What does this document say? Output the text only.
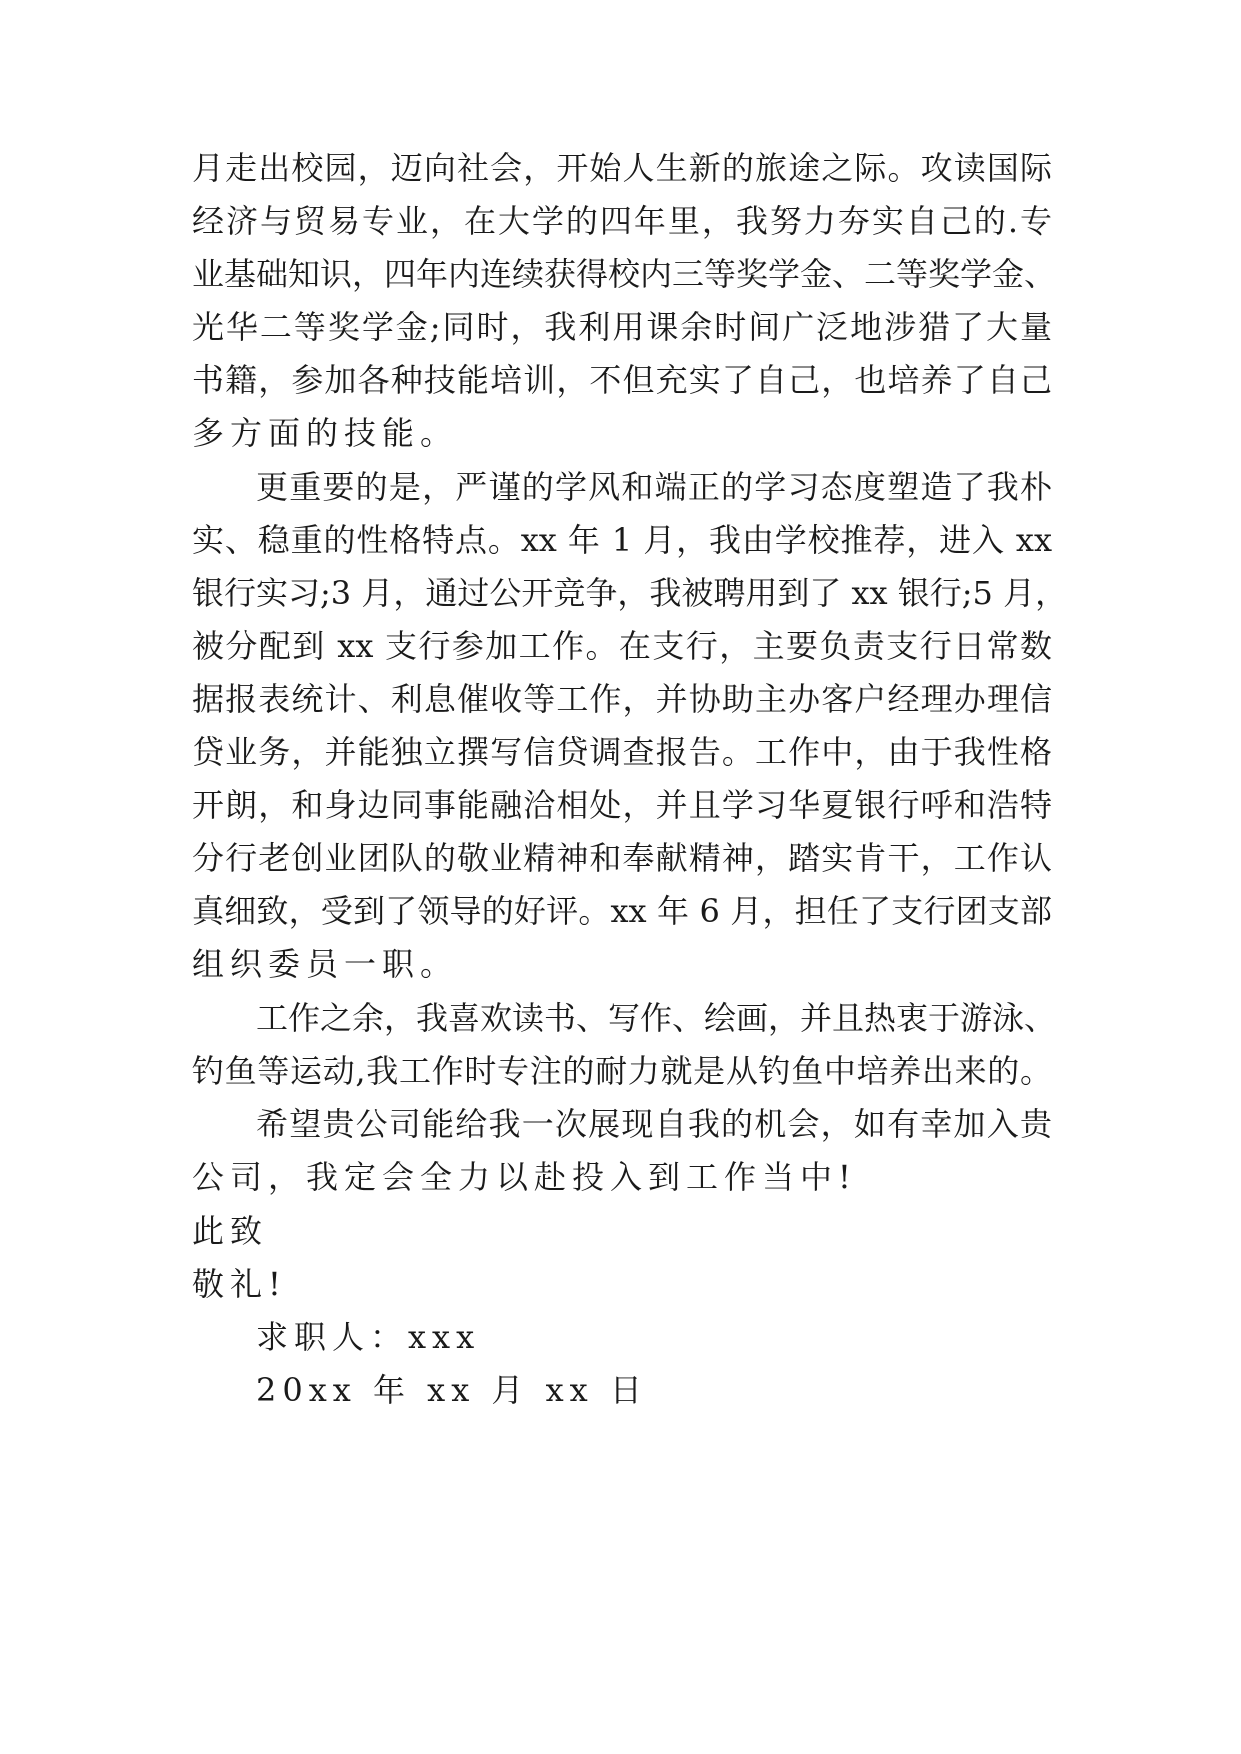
月走出校园，迈向社会，开始人生新的旅途之际。攻读国际
经济与贸易专业，在大学的四年里，我努力夯实自己的.专
业基础知识，四年内连续获得校内三等奖学金、二等奖学金、
光华二等奖学金;同时，我利用课余时间广泛地涉猎了大量
书籍，参加各种技能培训，不但充实了自己，也培养了自己
多方面的技能。
更重要的是，严谨的学风和端正的学习态度塑造了我朴
实、稳重的性格特点。xx 年 1 月，我由学校推荐，进入 xx
银行实习;3 月，通过公开竞争，我被聘用到了 xx 银行;5 月，
被分配到 xx 支行参加工作。在支行，主要负责支行日常数
据报表统计、利息催收等工作，并协助主办客户经理办理信
贷业务，并能独立撰写信贷调查报告。工作中，由于我性格
开朗，和身边同事能融洽相处，并且学习华夏银行呼和浩特
分行老创业团队的敬业精神和奉献精神，踏实肯干，工作认
真细致，受到了领导的好评。xx 年 6 月，担任了支行团支部
组织委员一职。
工作之余，我喜欢读书、写作、绘画，并且热衷于游泳、
钓鱼等运动,我工作时专注的耐力就是从钓鱼中培养出来的。
希望贵公司能给我一次展现自我的机会，如有幸加入贵
公司，我定会全力以赴投入到工作当中!
此致
敬礼!
求职人：xxx
20xx 年 xx 月 xx 日
